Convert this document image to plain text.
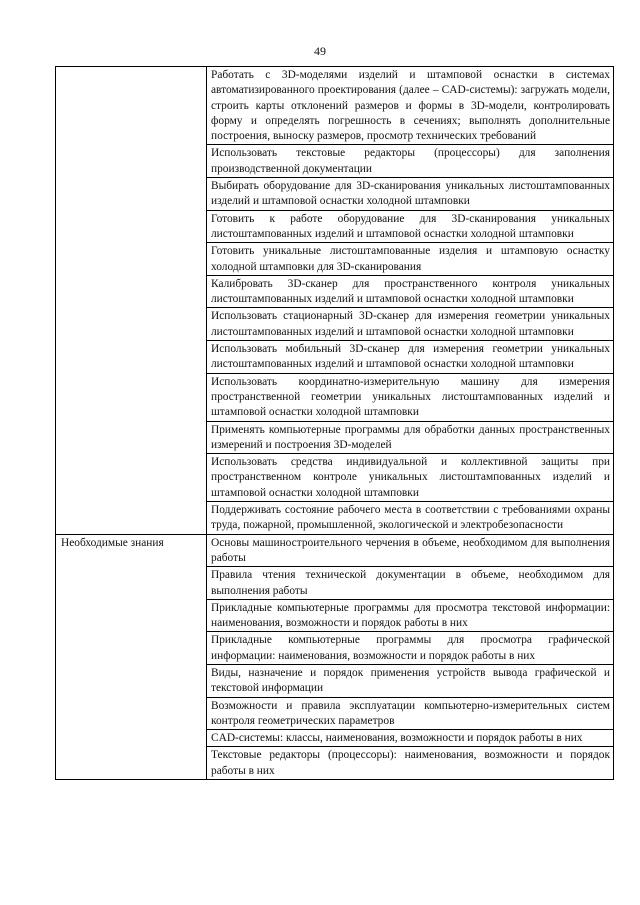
49

	Работать с 3D-моделями изделий и штамповой оснастки в системах автоматизированного проектирования (далее – CAD-системы): загружать модели, строить карты отклонений размеров и формы в 3D-модели, контролировать форму и определять погрешность в сечениях; выполнять дополнительные построения, выноску размеров, просмотр технических требований

	Использовать текстовые редакторы (процессоры) для заполнения производственной документации

	Выбирать оборудование для 3D-сканирования уникальных листоштампованных изделий и штамповой оснастки холодной штамповки

	Готовить к работе оборудование для 3D-сканирования уникальных листоштампованных изделий и штамповой оснастки холодной штамповки

	Готовить уникальные листоштампованные изделия и штамповую оснастку холодной штамповки для 3D-сканирования

	Калибровать 3D-сканер для пространственного контроля уникальных листоштампованных изделий и штамповой оснастки холодной штамповки

	Использовать стационарный 3D-сканер для измерения геометрии уникальных листоштампованных изделий и штамповой оснастки холодной штамповки

	Использовать мобильный 3D-сканер для измерения геометрии уникальных листоштампованных изделий и штамповой оснастки холодной штамповки

	Использовать координатно-измерительную машину для измерения пространственной геометрии уникальных листоштампованных изделий и штамповой оснастки холодной штамповки

	Применять компьютерные программы для обработки данных пространственных измерений и построения 3D-моделей

	Использовать средства индивидуальной и коллективной защиты при пространственном контроле уникальных листоштампованных изделий и штамповой оснастки холодной штамповки

	Поддерживать состояние рабочего места в соответствии с требованиями охраны труда, пожарной, промышленной, экологической и электробезопасности

Необходимые знания	Основы машиностроительного черчения в объеме, необходимом для выполнения работы

	Правила чтения технической документации в объеме, необходимом для выполнения работы

	Прикладные компьютерные программы для просмотра текстовой информации: наименования, возможности и порядок работы в них

	Прикладные компьютерные программы для просмотра графической информации: наименования, возможности и порядок работы в них

	Виды, назначение и порядок применения устройств вывода графической и текстовой информации

	Возможности и правила эксплуатации компьютерно-измерительных систем контроля геометрических параметров

	CAD-системы: классы, наименования, возможности и порядок работы в них

	Текстовые редакторы (процессоры): наименования, возможности и порядок работы в них
